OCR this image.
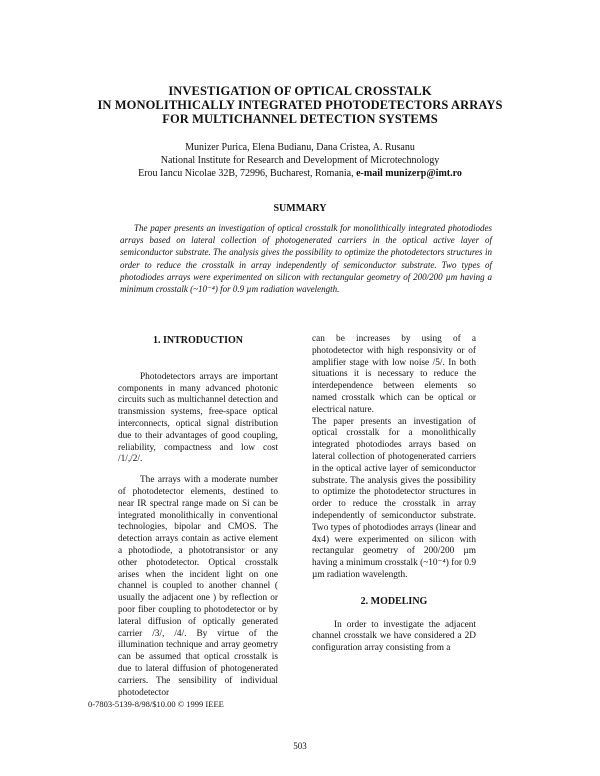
INVESTIGATION OF OPTICAL CROSSTALK
IN MONOLITHICALLY INTEGRATED PHOTODETECTORS ARRAYS
FOR MULTICHANNEL DETECTION SYSTEMS
Munizer Purica, Elena Budianu, Dana Cristea, A. Rusanu
National Institute for Research and Development of Microtechnology
Erou Iancu Nicolae 32B, 72996, Bucharest, Romania, e-mail munizerp@imt.ro
SUMMARY
The paper presents an investigation of optical crosstalk for monolithically integrated photodiodes arrays based on lateral collection of photogenerated carriers in the optical active layer of semiconductor substrate. The analysis gives the possibility to optimize the photodetectors structures in order to reduce the crosstalk in array independently of semiconductor substrate. Two types of photodiodes arrays were experimented on silicon with rectangular geometry of 200/200 µm having a minimum crosstalk (~10⁻⁴) for 0.9 µm radiation wavelength.
1. INTRODUCTION

Photodetectors arrays are important components in many advanced photonic circuits such as multichannel detection and transmission systems, free-space optical interconnects, optical signal distribution due to their advantages of good coupling, reliability, compactness and low cost /1/,/2/.

The arrays with a moderate number of photodetector elements, destined to near IR spectral range made on Si can be integrated monolithically in conventional technologies, bipolar and CMOS. The detection arrays contain as active element a photodiode, a phototransistor or any other photodetector. Optical crosstalk arises when the incident light on one channel is coupled to another channel ( usually the adjacent one ) by reflection or poor fiber coupling to photodetector or by lateral diffusion of optically generated carrier /3/, /4/. By virtue of the illumination technique and array geometry can be assumed that optical crosstalk is due to lateral diffusion of photogenerated carriers. The sensibility of individual photodetector

can be increases by using of a photodetector with high responsivity or of amplifier stage with low noise /5/. In both situations it is necessary to reduce the interdependence between elements so named crosstalk which can be optical or electrical nature.

The paper presents an investigation of optical crosstalk for a monolithically integrated photodiodes arrays based on lateral collection of photogenerated carriers in the optical active layer of semiconductor substrate. The analysis gives the possibility to optimize the photodetector structures in order to reduce the crosstalk in array independently of semiconductor substrate. Two types of photodiodes arrays (linear and 4x4) were experimented on silicon with rectangular geometry of 200/200 µm having a minimum crosstalk (~10⁻⁴) for 0.9 µm radiation wavelength.

2. MODELING

In order to investigate the adjacent channel crosstalk we have considered a 2D configuration array consisting from a

0-7803-5139-8/98/$10.00 © 1999 IEEE
503
